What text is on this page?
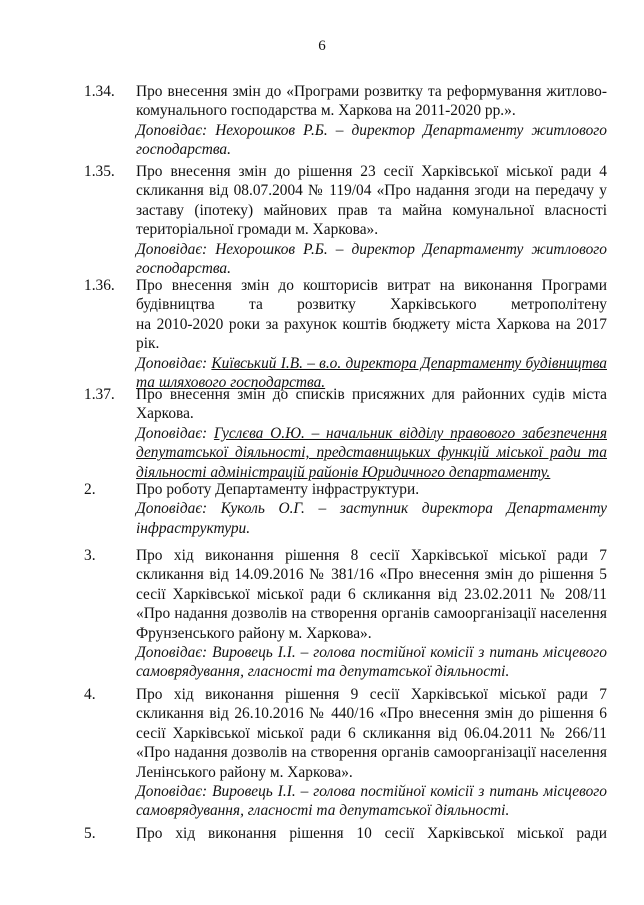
6
1.34. Про внесення змін до «Програми розвитку та реформування житлово-комунального господарства м. Харкова на 2011-2020 рр.».

Доповідає: Нехорошков Р.Б. – директор Департаменту житлового господарства.

1.35. Про внесення змін до рішення 23 сесії Харківської міської ради 4 скликання від 08.07.2004 № 119/04 «Про надання згоди на передачу у заставу (іпотеку) майнових прав та майна комунальної власності територіальної громади м. Харкова».

Доповідає: Нехорошков Р.Б. – директор Департаменту житлового господарства.

1.36. Про внесення змін до кошторисів витрат на виконання Програми

будівництва та розвитку Харківського метрополітену

на 2010-2020 роки за рахунок коштів бюджету міста Харкова на 2017 рік.

Доповідає: Київський І.В. – в.о. директора Департаменту будівництва та шляхового господарства.

1.37. Про внесення змін до списків присяжних для районних судів міста Харкова.

Доповідає: Гуслєва О.Ю. – начальник відділу правового забезпечення депутатської діяльності, представницьких функцій міської ради та діяльності адміністрацій районів Юридичного департаменту.

2.	Про роботу Департаменту інфраструктури.

Доповідає: Куколь О.Г. – заступник директора Департаменту інфраструктури.

3.	Про хід виконання рішення 8 сесії Харківської міської ради 7 скликання від 14.09.2016 № 381/16 «Про внесення змін до рішення 5 сесії Харківської міської ради 6 скликання від 23.02.2011 № 208/11 «Про надання дозволів на створення органів самоорганізації населення Фрунзенського району м. Харкова».

Доповідає: Вировець І.І. – голова постійної комісії з питань місцевого самоврядування, гласності та депутатської діяльності.

4.	Про хід виконання рішення 9 сесії Харківської міської ради 7 скликання від 26.10.2016 № 440/16 «Про внесення змін до рішення 6 сесії Харківської міської ради 6 скликання від 06.04.2011 № 266/11 «Про надання дозволів на створення органів самоорганізації населення Ленінського району м. Харкова».

Доповідає: Вировець І.І. – голова постійної комісії з питань місцевого самоврядування, гласності та депутатської діяльності.

5.	Про хід виконання рішення 10 сесії Харківської міської ради
